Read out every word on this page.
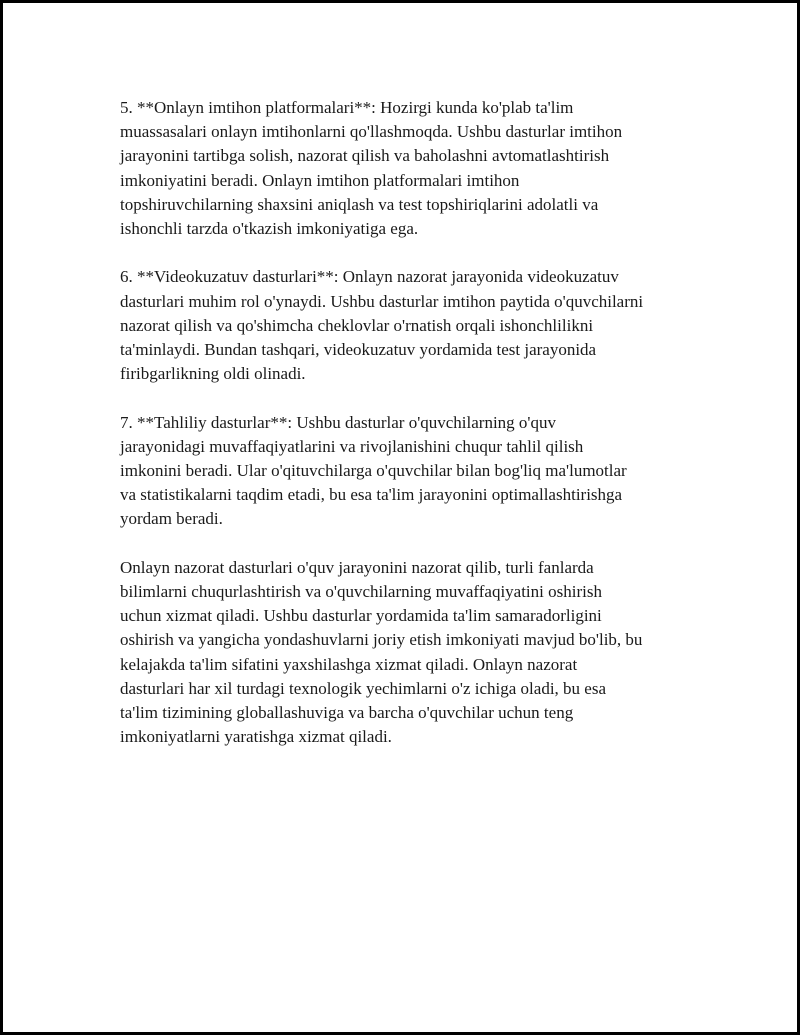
5. **Onlayn imtihon platformalari**: Hozirgi kunda ko'plab ta'lim
muassasalari onlayn imtihonlarni qo'llashmoqda. Ushbu dasturlar imtihon
jarayonini tartibga solish, nazorat qilish va baholashni avtomatlashtirish
imkoniyatini beradi. Onlayn imtihon platformalari imtihon
topshiruvchilarning shaxsini aniqlash va test topshiriqlarini adolatli va
ishonchli tarzda o'tkazish imkoniyatiga ega.

6. **Videokuzatuv dasturlari**: Onlayn nazorat jarayonida videokuzatuv
dasturlari muhim rol o'ynaydi. Ushbu dasturlar imtihon paytida o'quvchilarni
nazorat qilish va qo'shimcha cheklovlar o'rnatish orqali ishonchlilikni
ta'minlaydi. Bundan tashqari, videokuzatuv yordamida test jarayonida
firibgarlikning oldi olinadi.

7. **Tahliliy dasturlar**: Ushbu dasturlar o'quvchilarning o'quv
jarayonidagi muvaffaqiyatlarini va rivojlanishini chuqur tahlil qilish
imkonini beradi. Ular o'qituvchilarga o'quvchilar bilan bog'liq ma'lumotlar
va statistikalarni taqdim etadi, bu esa ta'lim jarayonini optimallashtirishga
yordam beradi.

Onlayn nazorat dasturlari o'quv jarayonini nazorat qilib, turli fanlarda
bilimlarni chuqurlashtirish va o'quvchilarning muvaffaqiyatini oshirish
uchun xizmat qiladi. Ushbu dasturlar yordamida ta'lim samaradorligini
oshirish va yangicha yondashuvlarni joriy etish imkoniyati mavjud bo'lib, bu
kelajakda ta'lim sifatini yaxshilashga xizmat qiladi. Onlayn nazorat
dasturlari har xil turdagi texnologik yechimlarni o'z ichiga oladi, bu esa
ta'lim tizimining globallashuviga va barcha o'quvchilar uchun teng
imkoniyatlarni yaratishga xizmat qiladi.
